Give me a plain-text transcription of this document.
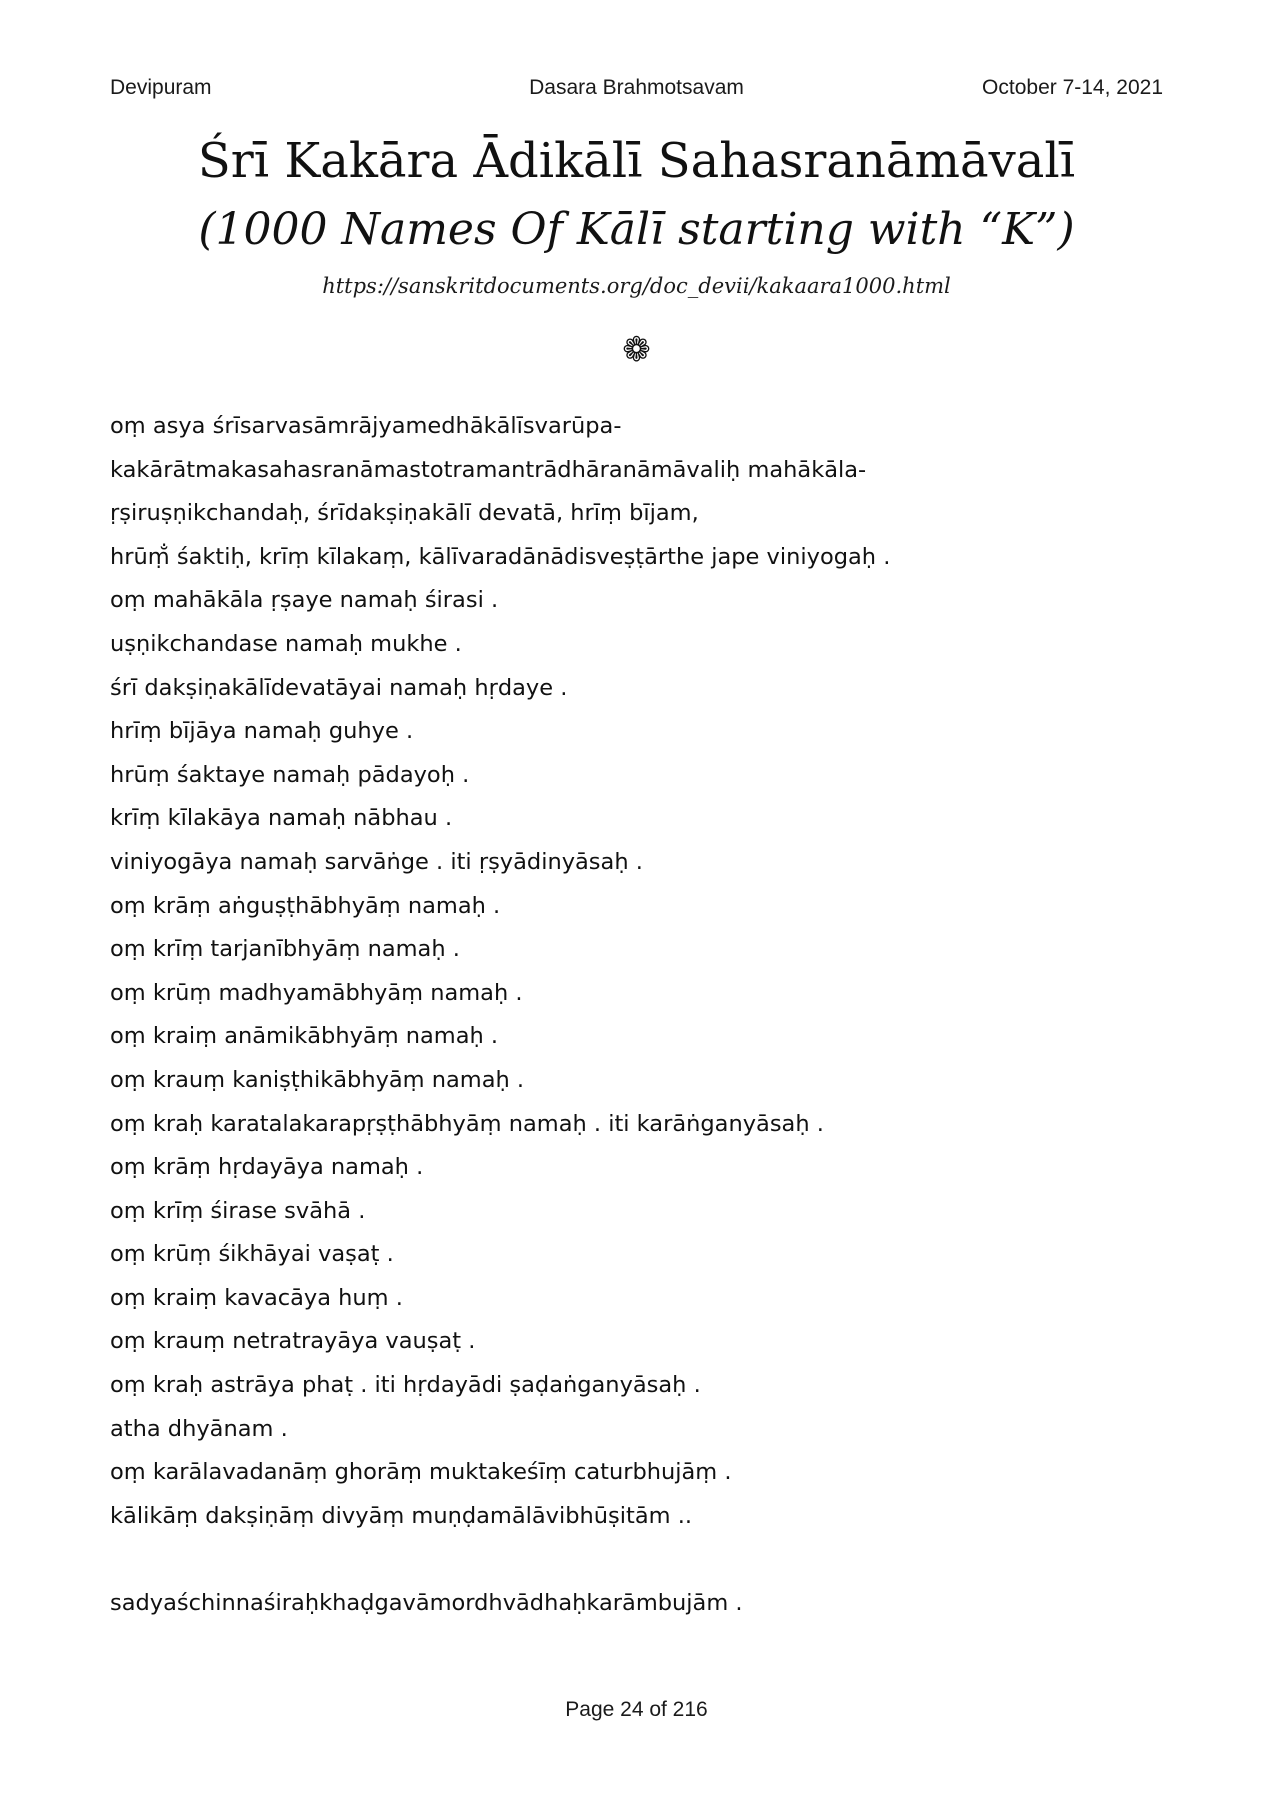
Devipuram	Dasara Brahmotsavam	October 7-14, 2021
Śrī Kakāra Ādikālī Sahasranāmāvalī
(1000 Names Of Kālī starting with “K”)
https://sanskritdocuments.org/doc_devii/kakaara1000.html
❁
oṃ asya śrīsarvasāmrājyamedhākālīsvarūpa-
kakārātmakasahasranāmastotramantrādhāranāmāvaliḥ mahākāla-
ṛṣiruṣṇikchandaḥ, śrīdakṣiṇakālī devatā, hrīṃ bījam,
hrūṃ̐ śaktiḥ, krīṃ kīlakaṃ, kālīvaradānādisveṣṭārthe jape viniyogaḥ .
oṃ mahākāla ṛṣaye namaḥ śirasi .
uṣṇikchandase namaḥ mukhe .
śrī dakṣiṇakālīdevatāyai namaḥ hṛdaye .
hrīṃ bījāya namaḥ guhye .
hrūṃ śaktaye namaḥ pādayoḥ .
krīṃ kīlakāya namaḥ nābhau .
viniyogāya namaḥ sarvāṅge . iti ṛṣyādinyāsaḥ .
oṃ krāṃ aṅguṣṭhābhyāṃ namaḥ .
oṃ krīṃ tarjanībhyāṃ namaḥ .
oṃ krūṃ madhyamābhyāṃ namaḥ .
oṃ kraiṃ anāmikābhyāṃ namaḥ .
oṃ krauṃ kaniṣṭhikābhyāṃ namaḥ .
oṃ kraḥ karatalakarapṛṣṭhābhyāṃ namaḥ . iti karāṅganyāsaḥ .
oṃ krāṃ hṛdayāya namaḥ .
oṃ krīṃ śirase svāhā .
oṃ krūṃ śikhāyai vaṣaṭ .
oṃ kraiṃ kavacāya huṃ .
oṃ krauṃ netratrayāya vauṣaṭ .
oṃ kraḥ astrāya phaṭ . iti hṛdayādi ṣaḍaṅganyāsaḥ .
atha dhyānam .
oṃ karālavadanāṃ ghorāṃ muktakeśīṃ caturbhujāṃ .
kālikāṃ dakṣiṇāṃ divyāṃ muṇḍamālāvibhūṣitām ..
sadyaśchinnaśiraḥkhaḍgavāmordhvādhaḥkarāmbujām .
Page 24 of 216
